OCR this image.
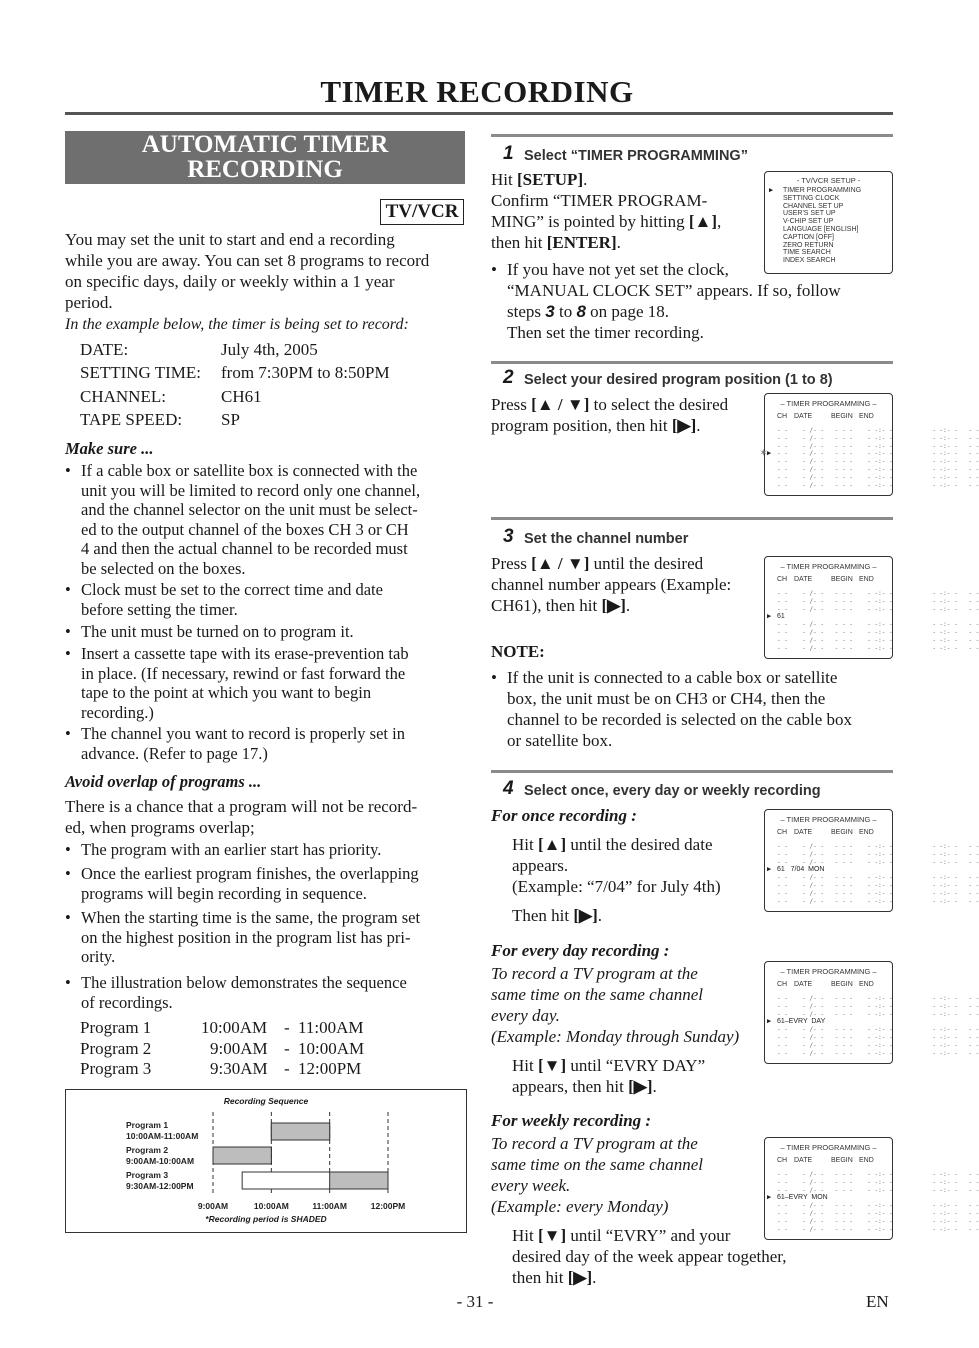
TIMER RECORDING
AUTOMATIC TIMER
RECORDING
TV/VCR
You may set the unit to start and end a recording
while you are away. You can set 8 programs to record
on specific days, daily or weekly within a 1 year
period.
In the example below, the timer is being set to record:
DATE:	July 4th, 2005
SETTING TIME: from 7:30PM to 8:50PM
CHANNEL:	CH61
TAPE SPEED: SP
Make sure ...
• If a cable box or satellite box is connected with the
unit you will be limited to record only one channel,
and the channel selector on the unit must be select-
ed to the output channel of the boxes CH 3 or CH
4 and then the actual channel to be recorded must
be selected on the boxes.
• Clock must be set to the correct time and date
before setting the timer.
• The unit must be turned on to program it.
• Insert a cassette tape with its erase-prevention tab
in place. (If necessary, rewind or fast forward the
tape to the point at which you want to begin
recording.)
• The channel you want to record is properly set in
advance. (Refer to page 17.)
Avoid overlap of programs ...
There is a chance that a program will not be record-
ed, when programs overlap;
• The program with an earlier start has priority.
• Once the earliest program finishes, the overlapping
programs will begin recording in sequence.
• When the starting time is the same, the program set
on the highest position in the program list has pri-
ority.
• The illustration below demonstrates the sequence
of recordings.
Program 1	10:00AM - 11:00AM
Program 2	9:00AM - 10:00AM
Program 3	9:30AM - 12:00PM
Recording Sequence
Program 1
10:00AM-11:00AM
Program 2
9:00AM-10:00AM
Program 3
9:30AM-12:00PM
9:00AM	10:00AM	11:00AM	12:00PM
*Recording period is SHADED
1 Select “TIMER PROGRAMMING”
Hit [SETUP].
Confirm “TIMER PROGRAM-
MING” is pointed by hitting [▲],
then hit [ENTER].
• If you have not yet set the clock,
“MANUAL CLOCK SET” appears. If so, follow
steps 3 to 8 on page 18.
Then set the timer recording.
- TV/VCR SETUP -
▶ TIMER PROGRAMMING
SETTING CLOCK
CHANNEL SET UP
USER'S SET UP
V-CHIP SET UP
LANGUAGE [ENGLISH]
CAPTION [OFF]
ZERO RETURN
TIME SEARCH
INDEX SEARCH
2 Select your desired program position (1 to 8)
Press [▲ / ▼] to select the desired
program position, then hit [▶].
3 Set the channel number
Press [▲ / ▼] until the desired
channel number appears (Example:
CH61), then hit [▶].
NOTE:
• If the unit is connected to a cable box or satellite
box, the unit must be on CH3 or CH4, then the
channel to be recorded is selected on the cable box
or satellite box.
4 Select once, every day or weekly recording
For once recording :
Hit [▲] until the desired date
appears.
(Example: “7/04” for July 4th)
Then hit [▶].
For every day recording :
To record a TV program at the
same time on the same channel
every day.
(Example: Monday through Sunday)
Hit [▼] until “EVRY DAY”
appears, then hit [▶].
For weekly recording :
To record a TV program at the
same time on the same channel
every week.
(Example: every Monday)
Hit [▼] until “EVRY” and your
desired day of the week appear together,
then hit [▶].
– TIMER PROGRAMMING –
CH DATE	BEGIN END
- -    - /- -   - - -    - -:- -           - -:- -   - -
- -    - /- -   - - -    - -:- -           - -:- -   - -
- -    - /- -   - - -    - -:- -           - -:- -   - -
- -    - /- -   - - -    - -:- -           - -:- -   - -
- -    - /- -   - - -    - -:- -           - -:- -   - -
- -    - /- -   - - -    - -:- -           - -:- -   - -
- -    - /- -   - - -    - -:- -           - -:- -   - -
- -    - /- -   - - -    - -:- -           - -:- -   - -
▶
✶
– TIMER PROGRAMMING –
CH DATE	BEGIN END
- -    - /- -   - - -    - -:- -           - -:- -   - -
- -    - /- -   - - -    - -:- -           - -:- -   - -
- -    - /- -   - - -    - -:- -           - -:- -   - -
61
- -    - /- -   - - -    - -:- -           - -:- -   - -
- -    - /- -   - - -    - -:- -           - -:- -   - -
- -    - /- -   - - -    - -:- -           - -:- -   - -
- -    - /- -   - - -    - -:- -           - -:- -   - -
▶
– TIMER PROGRAMMING –
CH DATE	BEGIN END
- -    - /- -   - - -    - -:- -           - -:- -   - -
- -    - /- -   - - -    - -:- -           - -:- -   - -
- -    - /- -   - - -    - -:- -           - -:- -   - -
61   7/04  MON
- -    - /- -   - - -    - -:- -           - -:- -   - -
- -    - /- -   - - -    - -:- -           - -:- -   - -
- -    - /- -   - - -    - -:- -           - -:- -   - -
- -    - /- -   - - -    - -:- -           - -:- -   - -
▶
– TIMER PROGRAMMING –
CH DATE	BEGIN END
- -    - /- -   - - -    - -:- -           - -:- -   - -
- -    - /- -   - - -    - -:- -           - -:- -   - -
- -    - /- -   - - -    - -:- -           - -:- -   - -
61–EVRY  DAY
- -    - /- -   - - -    - -:- -           - -:- -   - -
- -    - /- -   - - -    - -:- -           - -:- -   - -
- -    - /- -   - - -    - -:- -           - -:- -   - -
- -    - /- -   - - -    - -:- -           - -:- -   - -
▶
– TIMER PROGRAMMING –
CH DATE	BEGIN END
- -    - /- -   - - -    - -:- -           - -:- -   - -
- -    - /- -   - - -    - -:- -           - -:- -   - -
- -    - /- -   - - -    - -:- -           - -:- -   - -
61–EVRY  MON
- -    - /- -   - - -    - -:- -           - -:- -   - -
- -    - /- -   - - -    - -:- -           - -:- -   - -
- -    - /- -   - - -    - -:- -           - -:- -   - -
- -    - /- -   - - -    - -:- -           - -:- -   - -
▶
- 31 -	EN
